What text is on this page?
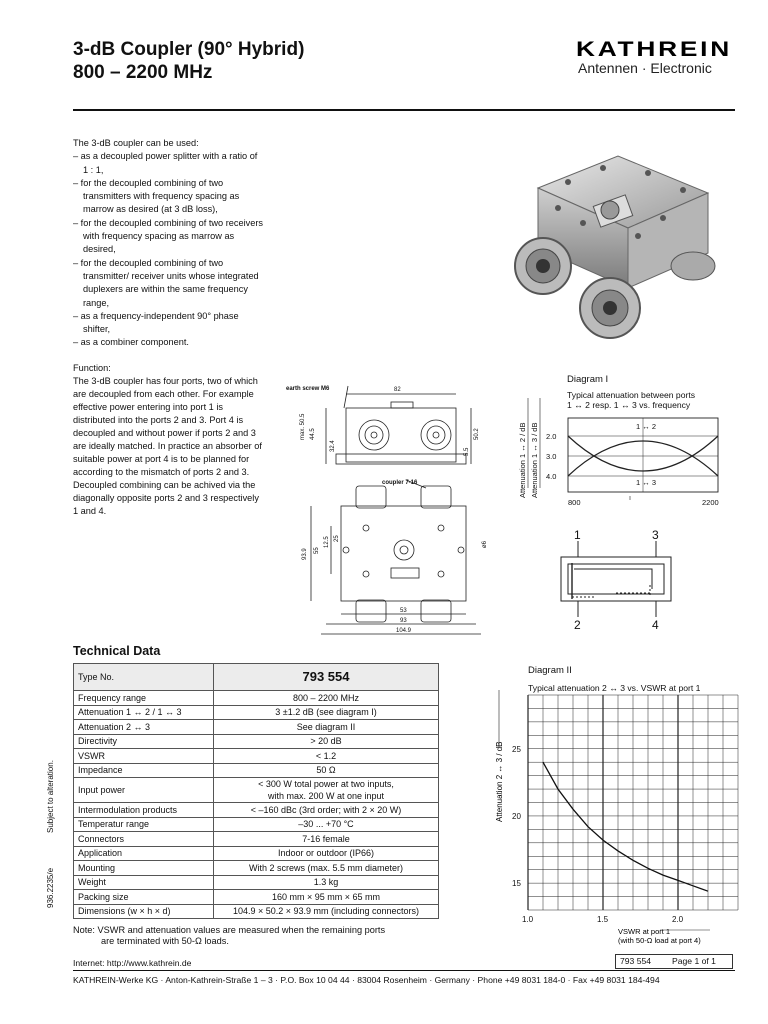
3-dB Coupler (90° Hybrid)
800 – 2200 MHz
KATHREIN
Antennen · Electronic
The 3-dB coupler can be used:
– as a decoupled power splitter with a ratio of 1 : 1,
– for the decoupled combining of two transmitters with frequency spacing as marrow as desired (at 3 dB loss),
– for the decoupled combining of two receivers with frequency spacing as marrow as desired,
– for the decoupled combining of two transmitter/ receiver units whose integrated duplexers are within the same frequency range,
– as a frequency-independent 90° phase shifter,
– as a combiner component.
Function:
The 3-dB coupler has four ports, two of which are decoupled from each other. For example effective power entering into port 1 is distributed into the ports 2 and 3. Port 4 is decoupled and without power if ports 2 and 3 are ideally matched. In practice an absorber of suitable power at port 4 is to be planned for according to the mismatch of ports 2 and 3.
Decoupled combining can be achived via the diagonally opposite ports 2 and 3 respectively 1 and 4.
earth screw M6	82
max. 50.5 44.5
32.4
50.2
5.5
coupler 7-16
93.9 55
12.5 25
ø6
53
93
104.9
Diagram I
Typical attenuation between ports
1 ↔ 2 resp. 1 ↔ 3 vs. frequency
2.0
3.0
4.0
800	2200
1 ↔ 2
1 ↔ 3
Attenuation 1 ↔ 2 / dB Attenuation 1 ↔ 3 / dB
1	3
2	4
Technical Data
Type No.	793 554
Frequency range	800 – 2200 MHz
Attenuation 1 ↔ 2 / 1 ↔ 3	3 ±1.2 dB (see diagram I)
Attenuation 2 ↔ 3	See diagram II
Directivity	> 20 dB
VSWR	< 1.2
Impedance	50 Ω
Input power	< 300 W total power at two inputs,
with max. 200 W at one input

Intermodulation products	< –160 dBc (3rd order; with 2 × 20 W)
Temperatur range	–30 ... +70 °C
Connectors	7-16 female
Application	Indoor or outdoor (IP66)
Mounting	With 2 screws (max. 5.5 mm diameter)
Weight	1.3 kg
Packing size	160 mm × 95 mm × 65 mm
Dimensions (w × h × d)	104.9 × 50.2 × 93.9 mm (including connectors)
Note: VSWR and attenuation values are measured when the remaining ports
are terminated with 50-Ω loads.
936.2235/e
Subject to alteration.
Diagram II
Typical attenuation 2 ↔ 3 vs. VSWR at port 1
1.0	1.5	2.0
15
20
25
Attenuation 2 ↔ 3 / dB
VSWR at port 1
(with 50-Ω load at port 4)
Internet: http://www.kathrein.de	793 554 Page 1 of 1
KATHREIN-Werke KG · Anton-Kathrein-Straße 1 – 3 · P.O. Box 10 04 44 · 83004 Rosenheim · Germany · Phone +49 8031 184-0 · Fax +49 8031 184-494
